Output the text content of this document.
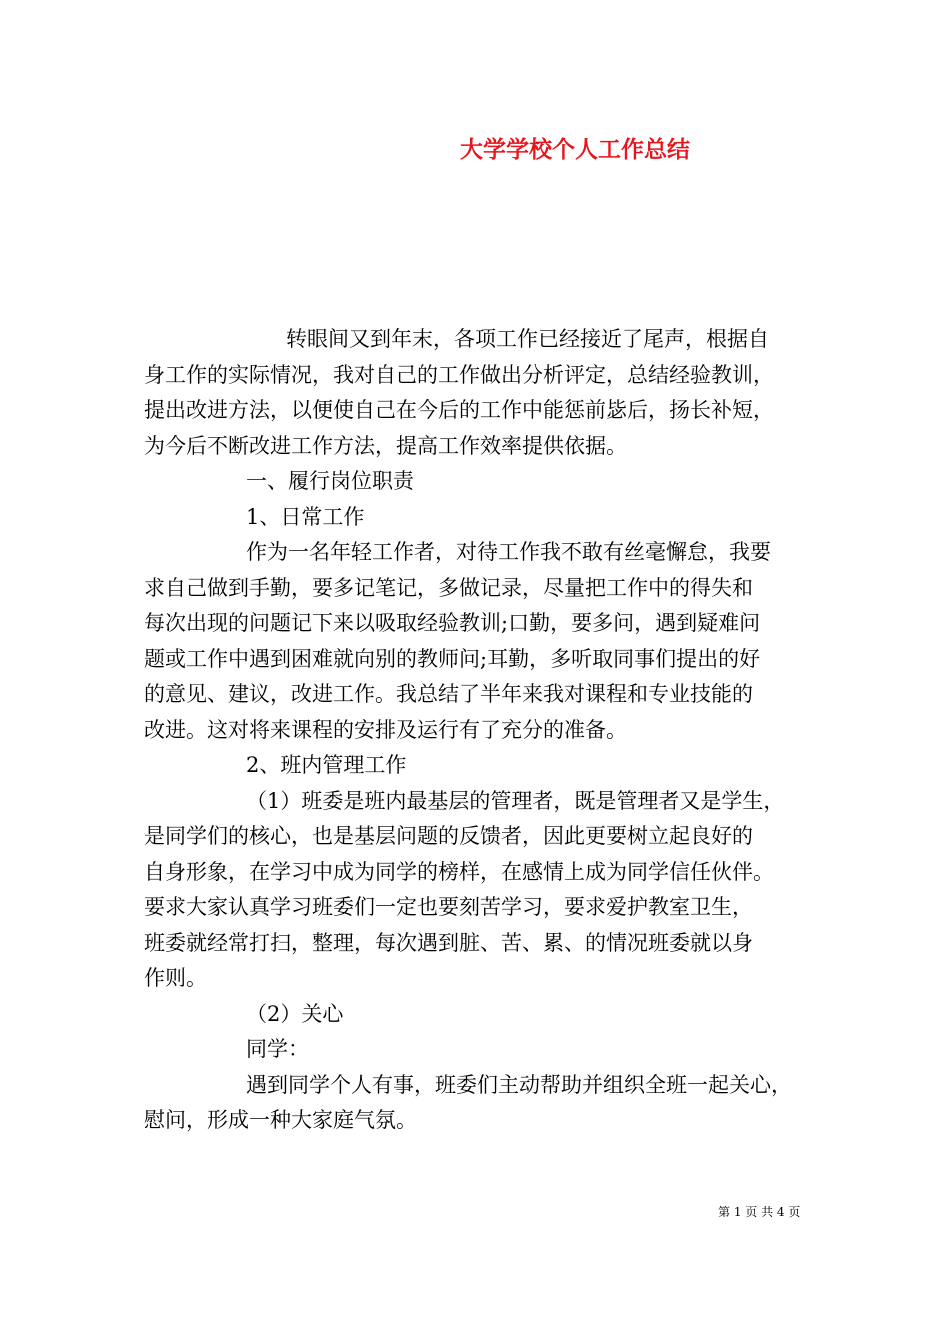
大学学校个人工作总结
转眼间又到年末，各项工作已经接近了尾声，根据自
身工作的实际情况，我对自己的工作做出分析评定，总结经验教训，
提出改进方法，以便使自己在今后的工作中能惩前毖后，扬长补短，
为今后不断改进工作方法，提高工作效率提供依据。
一、履行岗位职责
1、日常工作
作为一名年轻工作者，对待工作我不敢有丝毫懈怠，我要
求自己做到手勤，要多记笔记，多做记录，尽量把工作中的得失和
每次出现的问题记下来以吸取经验教训;口勤，要多问，遇到疑难问
题或工作中遇到困难就向别的教师问;耳勤，多听取同事们提出的好
的意见、建议，改进工作。我总结了半年来我对课程和专业技能的
改进。这对将来课程的安排及运行有了充分的准备。
2、班内管理工作
（1）班委是班内最基层的管理者，既是管理者又是学生，
是同学们的核心，也是基层问题的反馈者，因此更要树立起良好的
自身形象，在学习中成为同学的榜样，在感情上成为同学信任伙伴。
要求大家认真学习班委们一定也要刻苦学习，要求爱护教室卫生，
班委就经常打扫，整理，每次遇到脏、苦、累、的情况班委就以身
作则。
（2）关心
同学：
遇到同学个人有事，班委们主动帮助并组织全班一起关心，
慰问，形成一种大家庭气氛。
第 1 页 共 4 页
